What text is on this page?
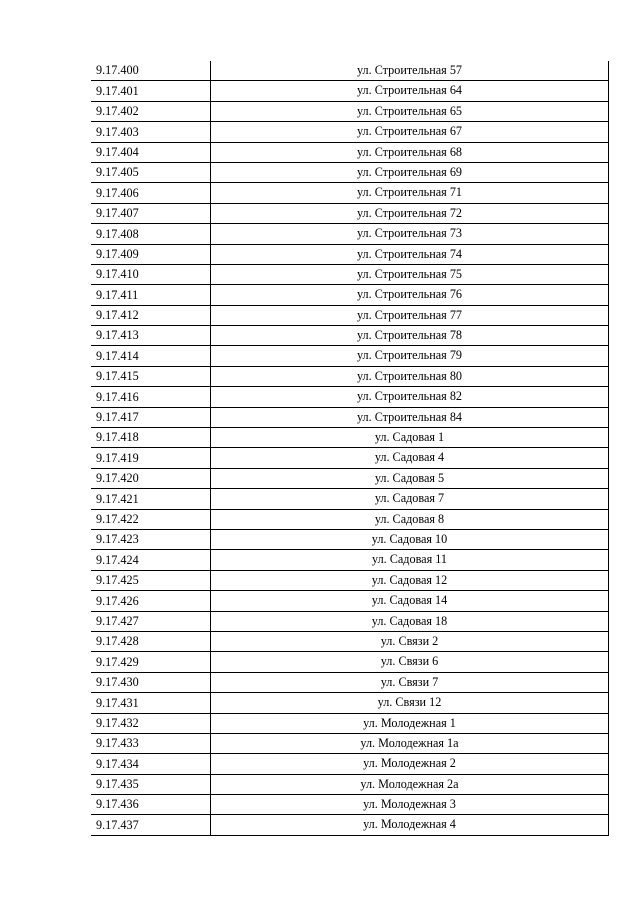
9.17.400	ул. Строительная 57
9.17.401	ул. Строительная 64
9.17.402	ул. Строительная 65
9.17.403	ул. Строительная 67
9.17.404	ул. Строительная 68
9.17.405	ул. Строительная 69
9.17.406	ул. Строительная 71
9.17.407	ул. Строительная 72
9.17.408	ул. Строительная 73
9.17.409	ул. Строительная 74
9.17.410	ул. Строительная 75
9.17.411	ул. Строительная 76
9.17.412	ул. Строительная 77
9.17.413	ул. Строительная 78
9.17.414	ул. Строительная 79
9.17.415	ул. Строительная 80
9.17.416	ул. Строительная 82
9.17.417	ул. Строительная 84
9.17.418	ул. Садовая 1
9.17.419	ул. Садовая 4
9.17.420	ул. Садовая 5
9.17.421	ул. Садовая 7
9.17.422	ул. Садовая 8
9.17.423	ул. Садовая 10
9.17.424	ул. Садовая 11
9.17.425	ул. Садовая 12
9.17.426	ул. Садовая 14
9.17.427	ул. Садовая 18
9.17.428	ул. Связи 2
9.17.429	ул. Связи 6
9.17.430	ул. Связи 7
9.17.431	ул. Связи 12
9.17.432	ул. Молодежная 1
9.17.433	ул. Молодежная 1а
9.17.434	ул. Молодежная 2
9.17.435	ул. Молодежная 2а
9.17.436	ул. Молодежная 3
9.17.437	ул. Молодежная 4
